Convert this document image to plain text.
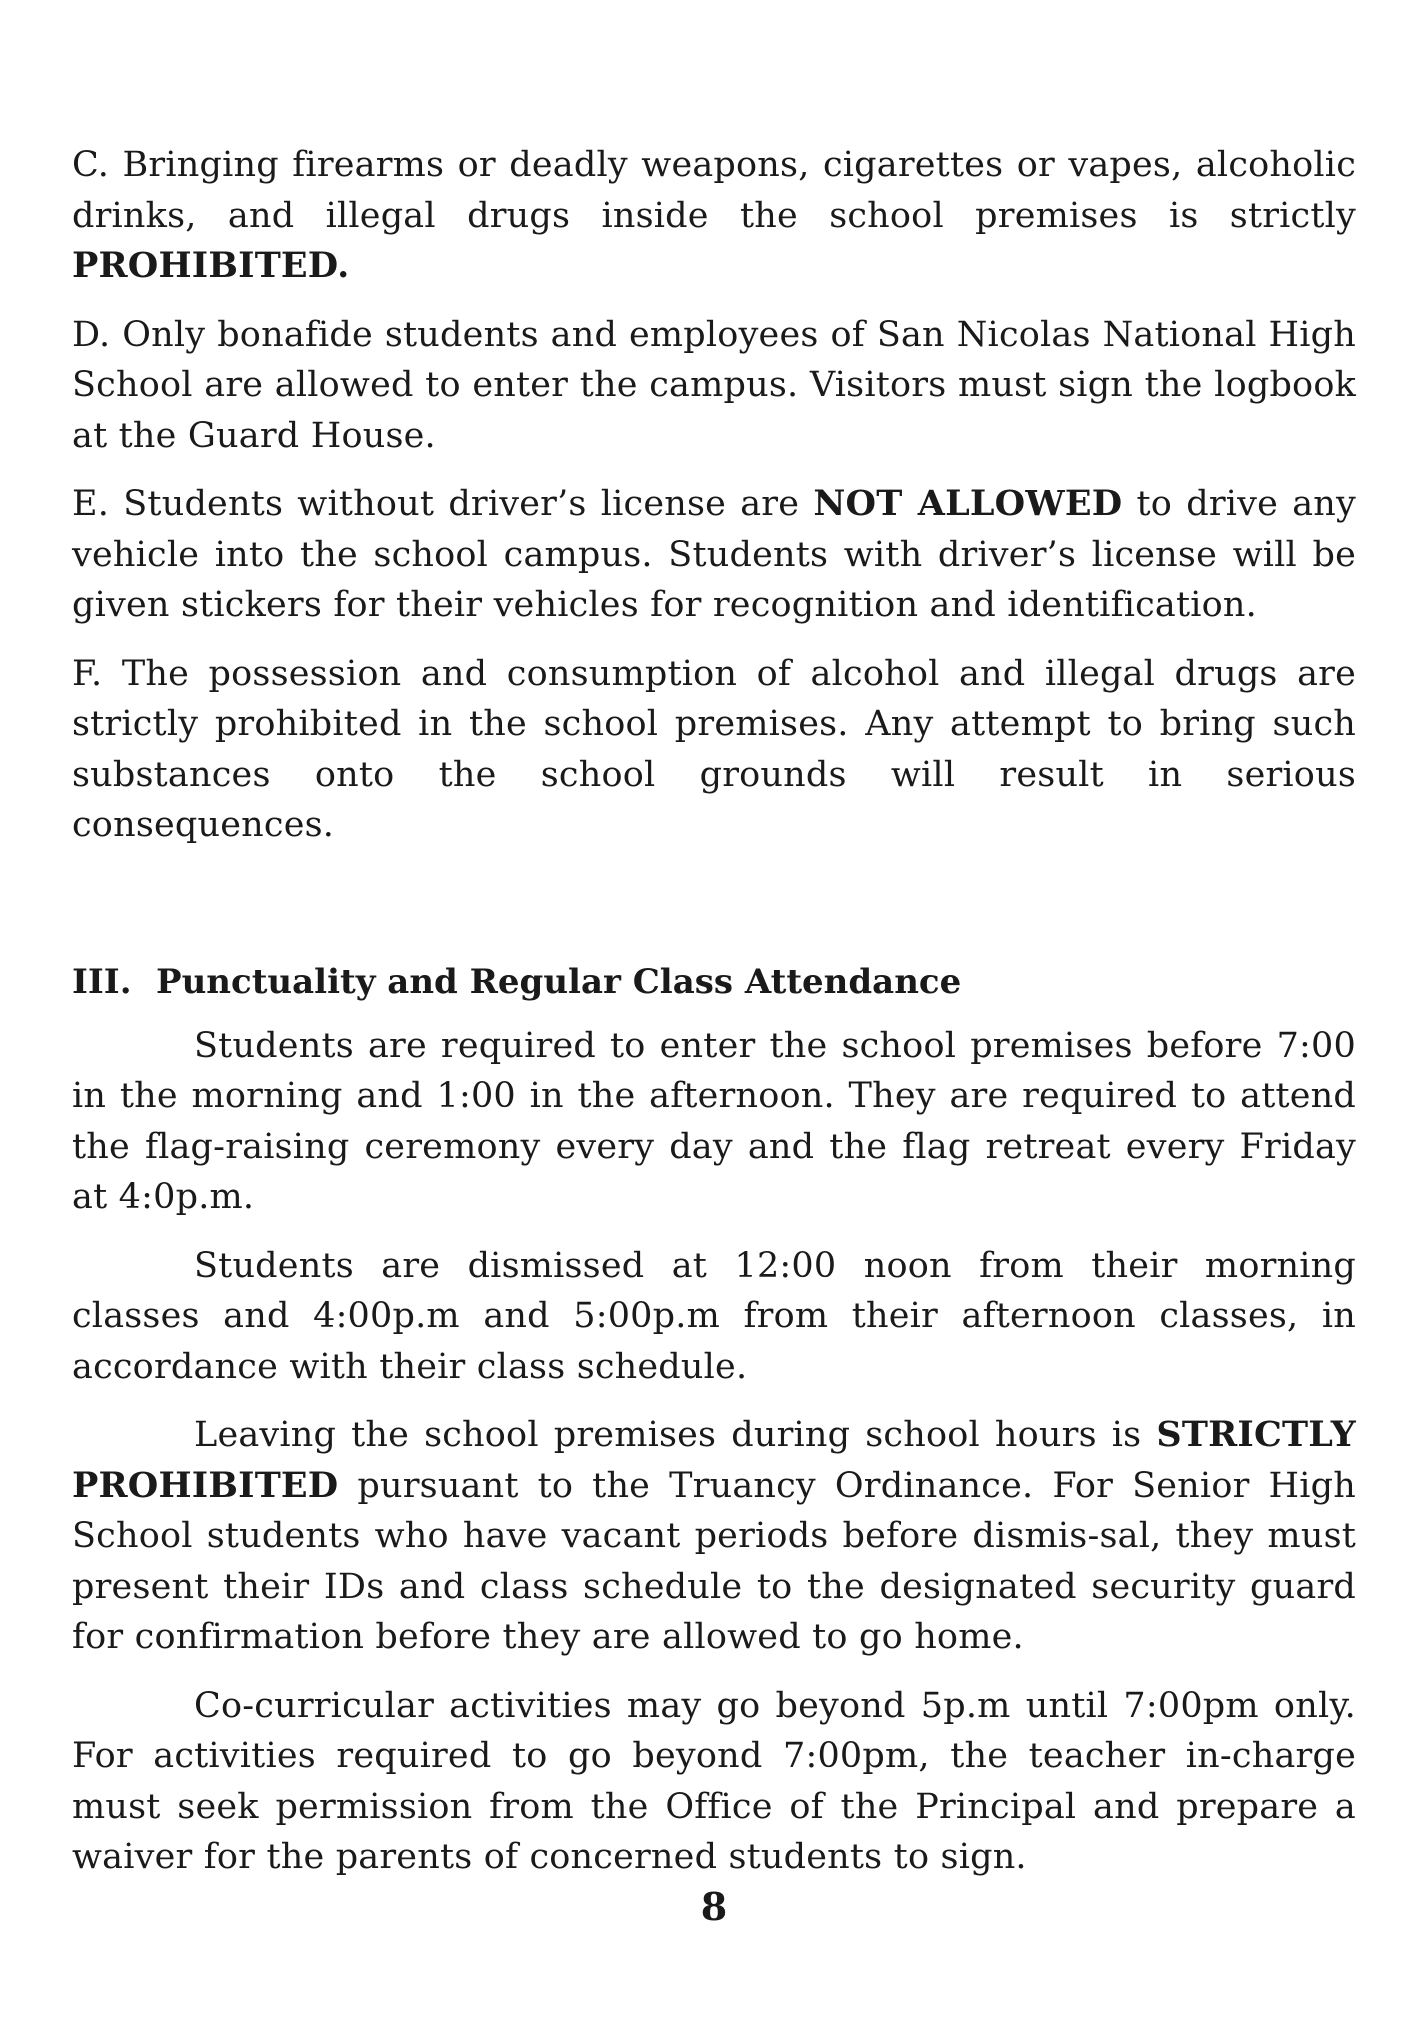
C. Bringing firearms or deadly weapons, cigarettes or vapes, alcoholic drinks, and illegal drugs inside the school premises is strictly PROHIBITED.

D. Only bonafide students and employees of San Nicolas National High School are allowed to enter the campus. Visitors must sign the logbook at the Guard House.

E. Students without driver’s license are NOT ALLOWED to drive any vehicle into the school campus. Students with driver’s license will be given stickers for their vehicles for recognition and identification.

F. The possession and consumption of alcohol and illegal drugs are strictly prohibited in the school premises. Any attempt to bring such substances onto the school grounds will result in serious consequences.

III. Punctuality and Regular Class Attendance

Students are required to enter the school premises before 7:00 in the morning and 1:00 in the afternoon. They are required to attend the flag-raising ceremony every day and the flag retreat every Friday at 4:0p.m.

Students are dismissed at 12:00 noon from their morning classes and 4:00p.m and 5:00p.m from their afternoon classes, in accordance with their class schedule.

Leaving the school premises during school hours is STRICTLY PROHIBITED pursuant to the Truancy Ordinance. For Senior High School students who have vacant periods before dismis-sal, they must present their IDs and class schedule to the designated security guard for confirmation before they are allowed to go home.

Co-curricular activities may go beyond 5p.m until 7:00pm only. For activities required to go beyond 7:00pm, the teacher in-charge must seek permission from the Office of the Principal and prepare a waiver for the parents of concerned students to sign.

8
